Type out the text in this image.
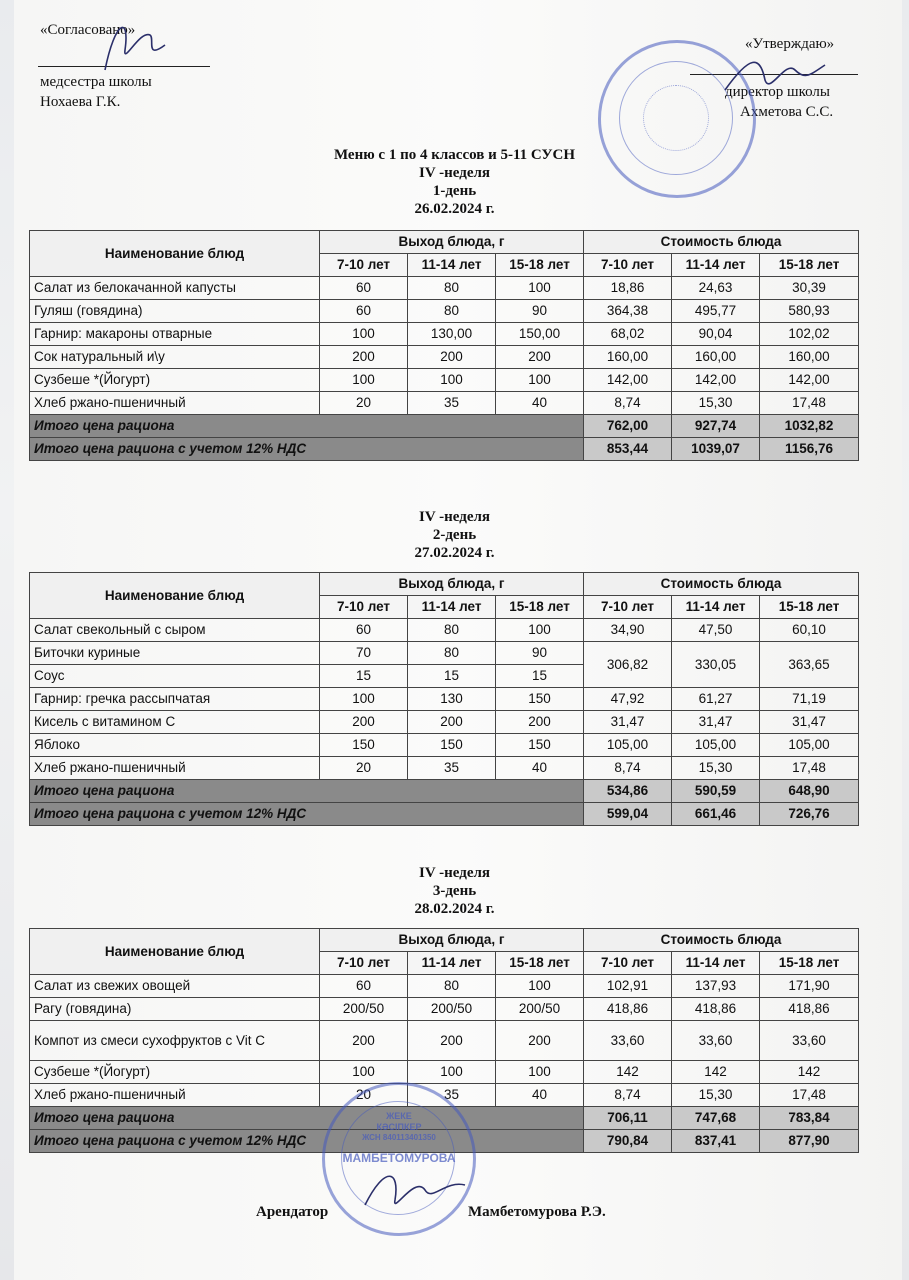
«Согласовано»
медсестра школы
Нохаева Г.К.
«Утверждаю»
директор школы
Ахметова С.С.
Меню с 1 по 4 классов и 5-11 СУСН
IV -неделя
1-день
26.02.2024 г.
Наименование блюд	Выход блюда, г			Стоимость блюда		
	7-10 лет	11-14 лет	15-18 лет	7-10 лет	11-14 лет	15-18 лет
Салат из белокачанной капусты	60	80	100	18,86	24,63	30,39
Гуляш (говядина)	60	80	90	364,38	495,77	580,93
Гарнир: макароны отварные	100	130,00	150,00	68,02	90,04	102,02
Сок натуральный и\у	200	200	200	160,00	160,00	160,00
Сузбеше *(Йогурт)	100	100	100	142,00	142,00	142,00
Хлеб ржано-пшеничный	20	35	40	8,74	15,30	17,48
Итого цена рациона				762,00	927,74	1032,82
Итого цена рациона с учетом 12% НДС				853,44	1039,07	1156,76
IV -неделя
2-день
27.02.2024 г.
Наименование блюд	Выход блюда, г			Стоимость блюда		
	7-10 лет	11-14 лет	15-18 лет	7-10 лет	11-14 лет	15-18 лет
Салат свекольный с сыром	60	80	100	34,90	47,50	60,10
Биточки куриные	70	80	90	306,82	330,05	363,65
Соус	15	15	15			
Гарнир: гречка рассыпчатая	100	130	150	47,92	61,27	71,19
Кисель с витамином С	200	200	200	31,47	31,47	31,47
Яблоко	150	150	150	105,00	105,00	105,00
Хлеб ржано-пшеничный	20	35	40	8,74	15,30	17,48
Итого цена рациона				534,86	590,59	648,90
Итого цена рациона с учетом 12% НДС				599,04	661,46	726,76
IV -неделя
3-день
28.02.2024 г.
Наименование блюд	Выход блюда, г			Стоимость блюда		
	7-10 лет	11-14 лет	15-18 лет	7-10 лет	11-14 лет	15-18 лет
Салат из свежих овощей	60	80	100	102,91	137,93	171,90
Рагу (говядина)	200/50	200/50	200/50	418,86	418,86	418,86
Компот из смеси сухофруктов с Vit C	200	200	200	33,60	33,60	33,60
Сузбеше *(Йогурт)	100	100	100	142	142	142
Хлеб ржано-пшеничный	20	35	40	8,74	15,30	17,48
Итого цена рациона				706,11	747,68	783,84
Итого цена рациона с учетом 12% НДС				790,84	837,41	877,90
ЖЕКЕ
КӘСІПКЕР
ЖСН 840113401350
МАМБЕТОМУРОВА
Арендатор	Мамбетомурова Р.Э.
